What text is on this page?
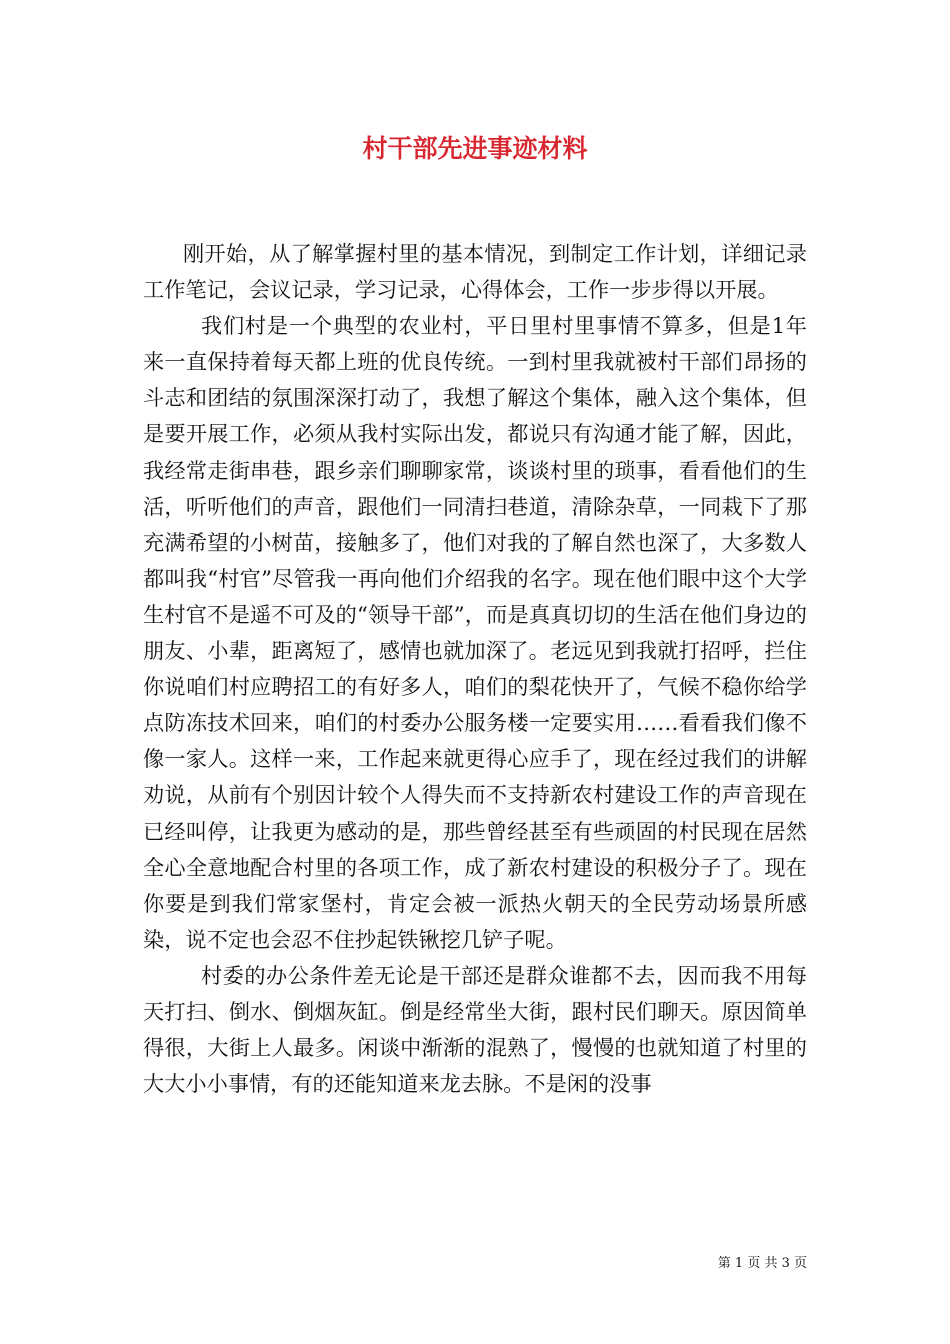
村干部先进事迹材料

刚开始，从了解掌握村里的基本情况，到制定工作计划，详细记录工作笔记，会议记录，学习记录，心得体会，工作一步步得以开展。

我们村是一个典型的农业村，平日里村里事情不算多，但是1年来一直保持着每天都上班的优良传统。一到村里我就被村干部们昂扬的斗志和团结的氛围深深打动了，我想了解这个集体，融入这个集体，但是要开展工作，必须从我村实际出发，都说只有沟通才能了解，因此，我经常走街串巷，跟乡亲们聊聊家常，谈谈村里的琐事，看看他们的生活，听听他们的声音，跟他们一同清扫巷道，清除杂草，一同栽下了那充满希望的小树苗，接触多了，他们对我的了解自然也深了，大多数人都叫我“村官”尽管我一再向他们介绍我的名字。现在他们眼中这个大学生村官不是遥不可及的“领导干部”，而是真真切切的生活在他们身边的朋友、小辈，距离短了，感情也就加深了。老远见到我就打招呼，拦住你说咱们村应聘招工的有好多人，咱们的梨花快开了，气候不稳你给学点防冻技术回来，咱们的村委办公服务楼一定要实用……看看我们像不像一家人。这样一来，工作起来就更得心应手了，现在经过我们的讲解劝说，从前有个别因计较个人得失而不支持新农村建设工作的声音现在已经叫停，让我更为感动的是，那些曾经甚至有些顽固的村民现在居然全心全意地配合村里的各项工作，成了新农村建设的积极分子了。现在你要是到我们常家堡村，肯定会被一派热火朝天的全民劳动场景所感染，说不定也会忍不住抄起铁锹挖几铲子呢。

村委的办公条件差无论是干部还是群众谁都不去，因而我不用每天打扫、倒水、倒烟灰缸。倒是经常坐大街，跟村民们聊天。原因简单得很，大街上人最多。闲谈中渐渐的混熟了，慢慢的也就知道了村里的大大小小事情，有的还能知道来龙去脉。不是闲的没事

第 1 页 共 3 页
